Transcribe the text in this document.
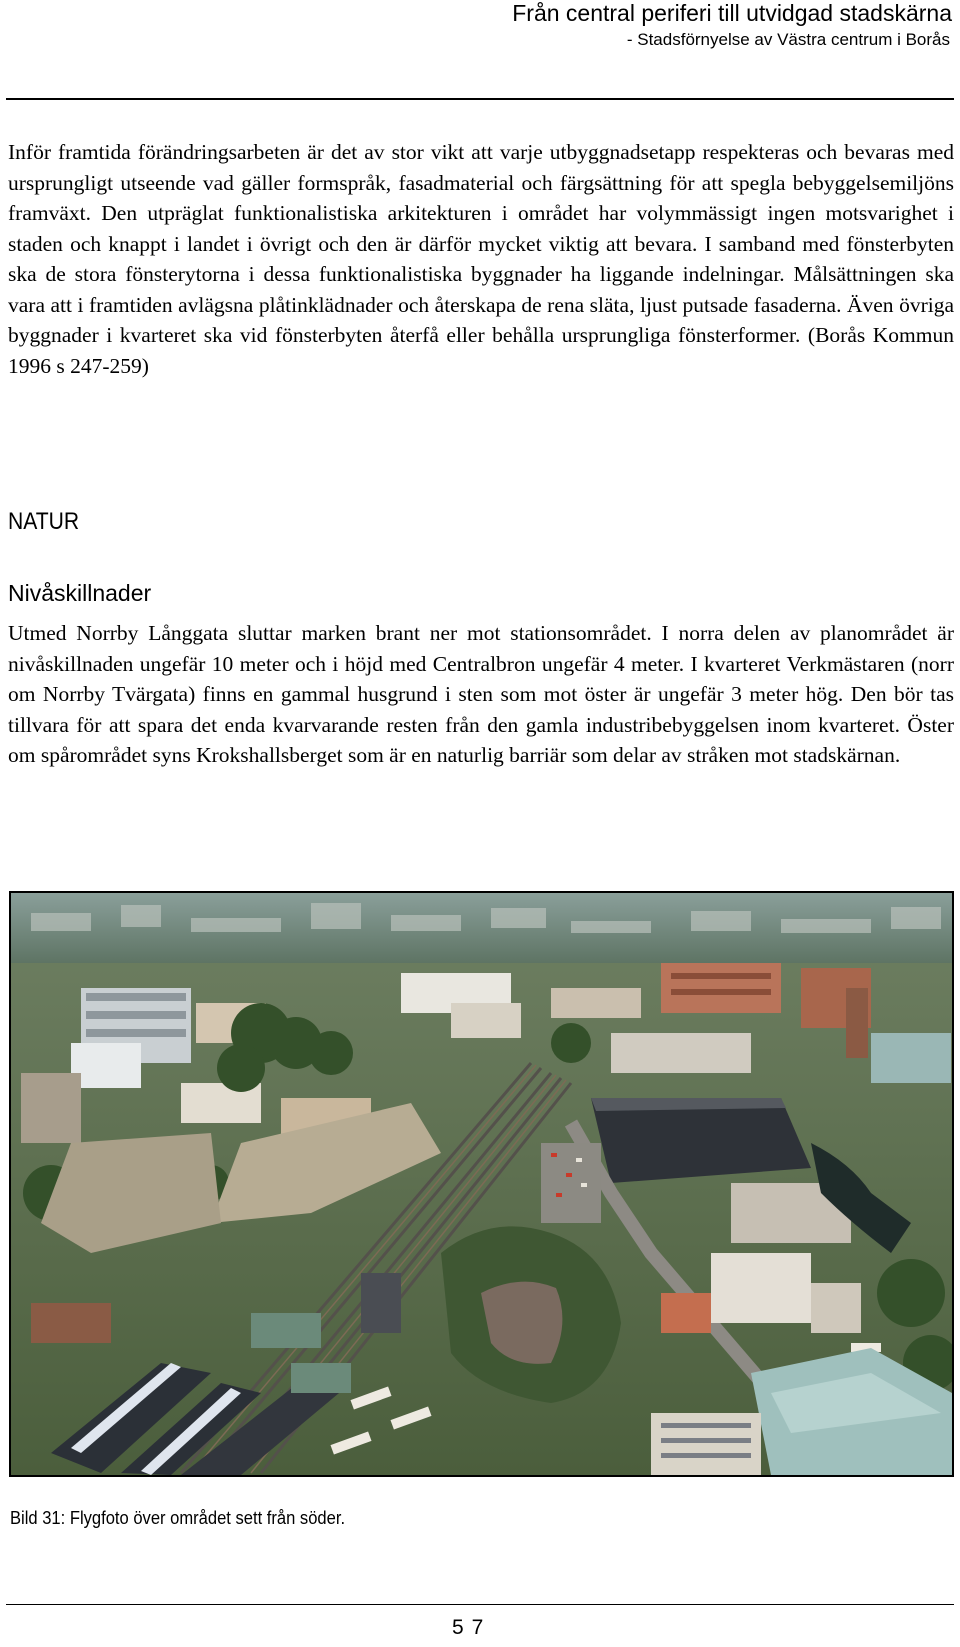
Från central periferi till utvidgad stadskärna
- Stadsförnyelse av Västra centrum i Borås

Inför framtida förändringsarbeten är det av stor vikt att varje utbyggnadsetapp respekteras och bevaras med ursprungligt utseende vad gäller formspråk, fasadmaterial och färgsättning för att spegla bebyggelsemiljöns framväxt. Den utpräglat funktionalistiska arkitekturen i området har volymmässigt ingen motsvarighet i staden och knappt i landet i övrigt och den är därför mycket viktig att bevara. I samband med fönsterbyten ska de stora fönsterytorna i dessa funktionalistiska byggnader ha liggande indelningar. Målsättningen ska vara att i framtiden avlägsna plåtinklädnader och återskapa de rena släta, ljust putsade fasaderna. Även övriga byggnader i kvarteret ska vid fönsterbyten återfå eller behålla ursprungliga fönsterformer. (Borås Kommun 1996 s 247-259)

NATUR
Nivåskillnader

Utmed Norrby Långgata sluttar marken brant ner mot stationsområdet. I norra delen av planområdet är nivåskillnaden ungefär 10 meter och i höjd med Centralbron ungefär 4 meter. I kvarteret Verkmästaren (norr om Norrby Tvärgata) finns en gammal husgrund i sten som mot öster är ungefär 3 meter hög. Den bör tas tillvara för att spara det enda kvarvarande resten från den gamla industribebyggelsen inom kvarteret. Öster om spårområdet syns Krokshallsberget som är en naturlig barriär som delar av stråken mot stadskärnan.

Bild 31: Flygfoto över området sett från söder.
57
